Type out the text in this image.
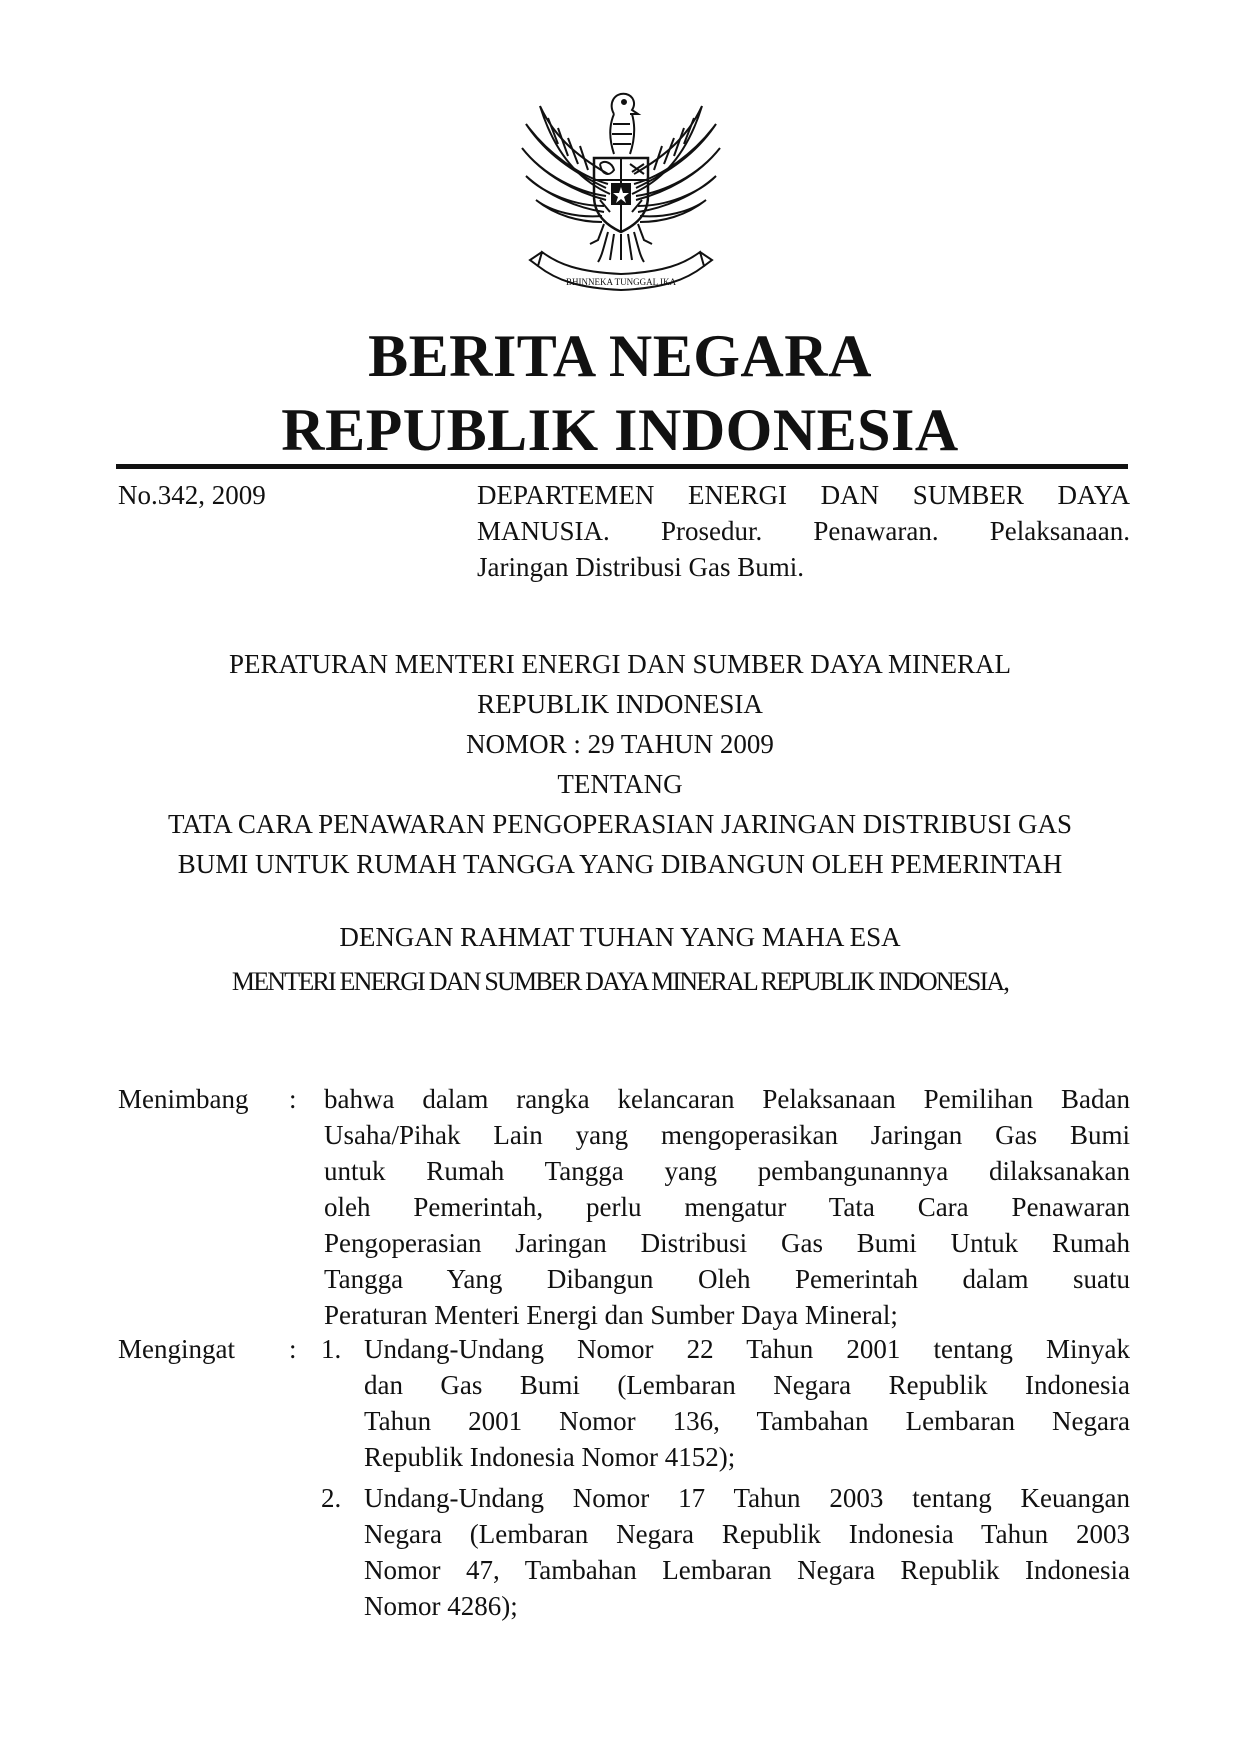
BHINNEKA TUNGGAL IKA
BERITA NEGARA
REPUBLIK INDONESIA
No.342, 2009	DEPARTEMEN ENERGI DAN SUMBER DAYA
MANUSIA. Prosedur. Penawaran. Pelaksanaan.
Jaringan Distribusi Gas Bumi.
PERATURAN MENTERI ENERGI DAN SUMBER DAYA MINERAL
REPUBLIK INDONESIA
NOMOR : 29 TAHUN 2009
TENTANG
TATA CARA PENAWARAN PENGOPERASIAN JARINGAN DISTRIBUSI GAS
BUMI UNTUK RUMAH TANGGA YANG DIBANGUN OLEH PEMERINTAH
DENGAN RAHMAT TUHAN YANG MAHA ESA
MENTERI ENERGI DAN SUMBER DAYA MINERAL REPUBLIK INDONESIA,
Menimbang : bahwa dalam rangka kelancaran Pelaksanaan Pemilihan Badan
Usaha/Pihak Lain yang mengoperasikan Jaringan Gas Bumi
untuk Rumah Tangga yang pembangunannya dilaksanakan
oleh Pemerintah, perlu mengatur Tata Cara Penawaran
Pengoperasian Jaringan Distribusi Gas Bumi Untuk Rumah
Tangga Yang Dibangun Oleh Pemerintah dalam suatu
Peraturan Menteri Energi dan Sumber Daya Mineral;
Mengingat : 1. Undang-Undang Nomor 22 Tahun 2001 tentang Minyak
dan Gas Bumi (Lembaran Negara Republik Indonesia
Tahun 2001 Nomor 136, Tambahan Lembaran Negara
Republik Indonesia Nomor 4152);
2. Undang-Undang Nomor 17 Tahun 2003 tentang Keuangan
Negara (Lembaran Negara Republik Indonesia Tahun 2003
Nomor 47, Tambahan Lembaran Negara Republik Indonesia
Nomor 4286);
